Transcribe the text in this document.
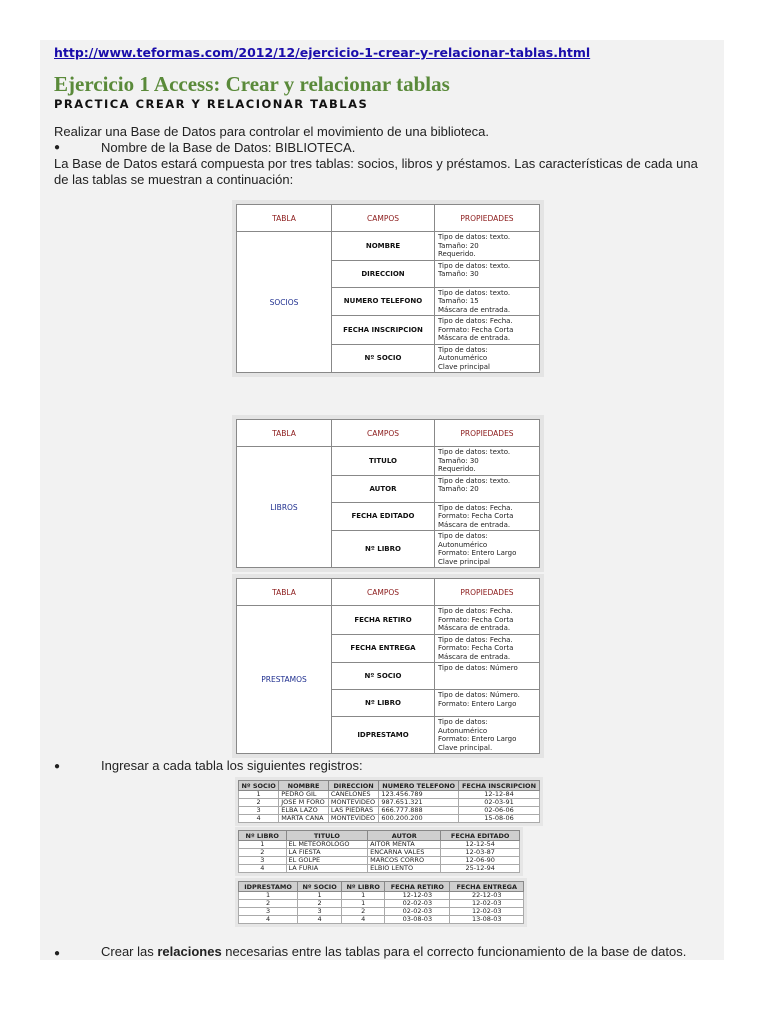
http://www.teformas.com/2012/12/ejercicio-1-crear-y-relacionar-tablas.html
Ejercicio 1 Access: Crear y relacionar tablas
PRACTICA CREAR Y RELACIONAR TABLAS
Realizar una Base de Datos para controlar el movimiento de una biblioteca.
●	Nombre de la Base de Datos: BIBLIOTECA.
La Base de Datos estará compuesta por tres tablas: socios, libros y préstamos. Las características de cada una de las tablas se muestran a continuación:
TABLA	CAMPOS	PROPIEDADES
SOCIOS	NOMBRE	Tipo de datos: texto.
Tamaño: 20
Requerido.

	DIRECCION	Tipo de datos: texto.
Tamaño: 30

	NUMERO TELEFONO	Tipo de datos: texto.
Tamaño: 15
Máscara de entrada.

	FECHA INSCRIPCION	Tipo de datos: Fecha.
Formato: Fecha Corta
Máscara de entrada.

	Nº SOCIO	Tipo de datos: Autonumérico
Clave principal
TABLA	CAMPOS	PROPIEDADES
LIBROS	TITULO	Tipo de datos: texto.
Tamaño: 30
Requerido.

	AUTOR	Tipo de datos: texto.
Tamaño: 20

	FECHA EDITADO	Tipo de datos: Fecha.
Formato: Fecha Corta
Máscara de entrada.

	Nº LIBRO	Tipo de datos: Autonumérico
Formato: Entero Largo
Clave principal
TABLA	CAMPOS	PROPIEDADES
PRESTAMOS	FECHA RETIRO	Tipo de datos: Fecha.
Formato: Fecha Corta
Máscara de entrada.

	FECHA ENTREGA	Tipo de datos: Fecha.
Formato: Fecha Corta
Máscara de entrada.

	Nº SOCIO	Tipo de datos: Número

	Nº LIBRO	Tipo de datos: Número.
Formato: Entero Largo

	IDPRESTAMO	Tipo de datos: Autonumérico
Formato: Entero Largo
Clave principal.
●	Ingresar a cada tabla los siguientes registros:
Nº SOCIO	NOMBRE	DIRECCION	NUMERO TELEFONO	FECHA INSCRIPCION
1	PEDRO GIL	CANELONES	123.456.789	12-12-84
2	JOSE M FORO	MONTEVIDEO	987.651.321	02-03-91
3	ELBA LAZO	LAS PIEDRAS	666.777.888	02-06-06
4	MARTA CANA	MONTEVIDEO	600.200.200	15-08-06
Nº LIBRO	TITULO	AUTOR	FECHA EDITADO
1	EL METEOROLOGO	AITOR MENTA	12-12-54
2	LA FIESTA	ENCARNA VALES	12-03-87
3	EL GOLPE	MARCOS CORRO	12-06-90
4	LA FURIA	ELBIO LENTO	25-12-94
IDPRESTAMO	Nº SOCIO	Nº LIBRO	FECHA RETIRO	FECHA ENTREGA
1	1	1	12-12-03	22-12-03
2	2	1	02-02-03	12-02-03
3	3	2	02-02-03	12-02-03
4	4	4	03-08-03	13-08-03
●	Crear las relaciones necesarias entre las tablas para el correcto funcionamiento de la base de datos.
